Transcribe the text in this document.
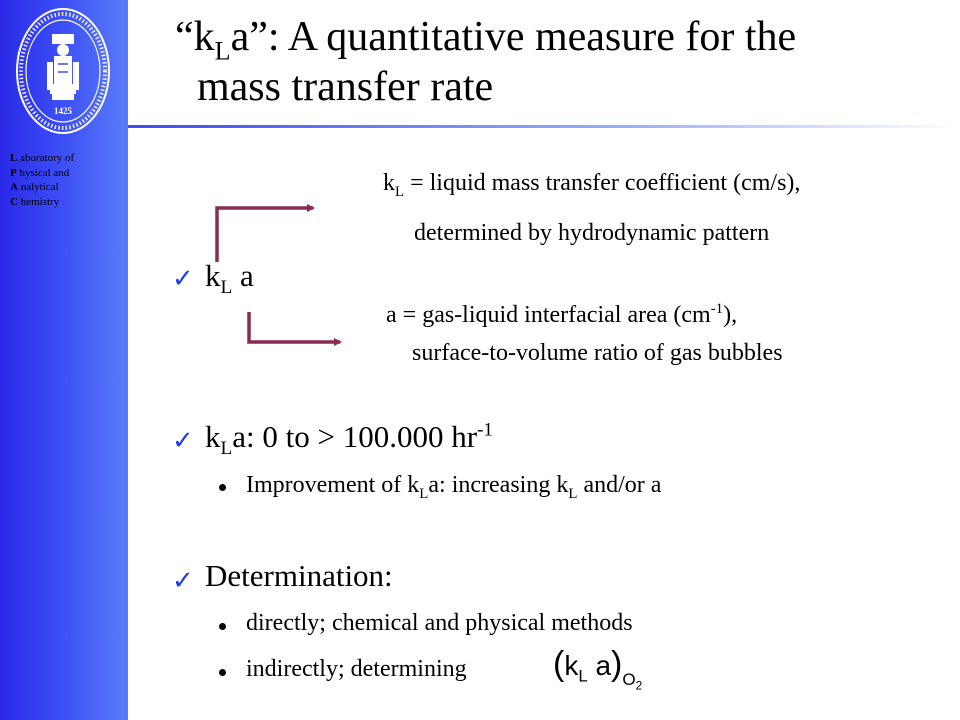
1425
L aboratory of
P hysical and
A nalytical
C hemistry
“$k_La$”: A quantitative measure for the
mass transfer rate
$k_L$ = liquid mass transfer coefficient (cm/s),
determined by hydrodynamic pattern
✓ $k_L$ a
a = gas-liquid interfacial area $(cm^{-1})$,
surface-to-volume ratio of gas bubbles
✓ $k_La$: 0 to > 100.000 $hr^{-1}$
Improvement of $k_La$: increasing $k_L$ and/or a
✓ Determination:
directly; chemical and physical methods
indirectly; determining	($k_L$ $a)_{O_2}$
